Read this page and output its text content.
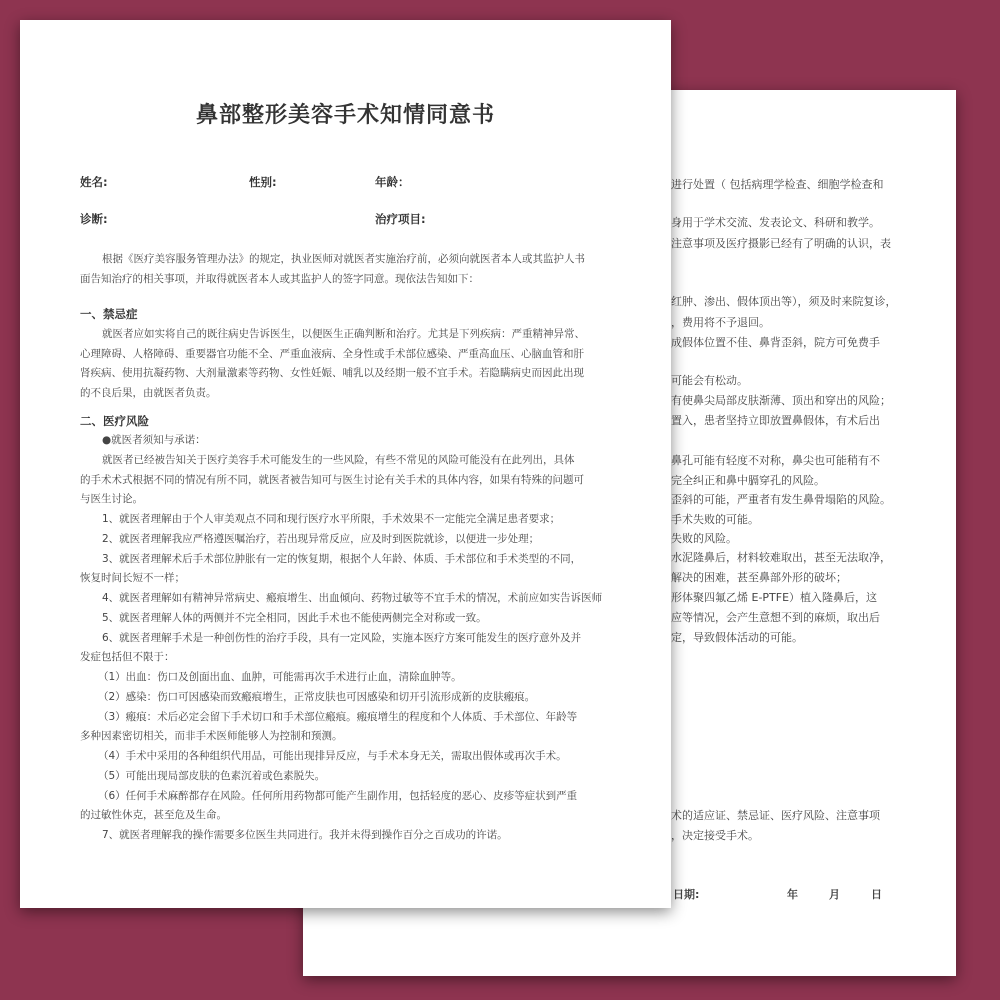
进行处置（ 包括病理学检查、细胞学检查和
身用于学术交流、发表论文、科研和教学。
注意事项及医疗摄影已经有了明确的认识，表
红肿、渗出、假体顶出等），须及时来院复诊，
，费用将不予退回。
成假体位置不佳、鼻背歪斜，院方可免费手
可能会有松动。
有使鼻尖局部皮肤渐薄、顶出和穿出的风险；
置入，患者坚持立即放置鼻假体，有术后出
鼻孔可能有轻度不对称，鼻尖也可能稍有不
完全纠正和鼻中膈穿孔的风险。
歪斜的可能，严重者有发生鼻骨塌陷的风险。
手术失败的可能。
失败的风险。
水泥隆鼻后，材料较难取出，甚至无法取净，
解决的困难，甚至鼻部外形的破坏；
形体聚四氟乙烯 E-PTFE）植入隆鼻后，这
应等情况，会产生意想不到的麻烦，取出后
定，导致假体活动的可能。
术的适应证、禁忌证、医疗风险、注意事项
，决定接受手术。
日期:	年	月	日
鼻部整形美容手术知情同意书
姓名:	性别:	年龄：
诊断:	治疗项目:
根据《医疗美容服务管理办法》的规定，执业医师对就医者实施治疗前，必须向就医者本人或其监护人书
面告知治疗的相关事项，并取得就医者本人或其监护人的签字同意。现依法告知如下：
一、禁忌症
就医者应如实将自己的既往病史告诉医生，以便医生正确判断和治疗。尤其是下列疾病：严重精神异常、
心理障碍、人格障碍、重要器官功能不全、严重血液病、全身性或手术部位感染、严重高血压、心脑血管和肝
肾疾病、使用抗凝药物、大剂量激素等药物、女性妊娠、哺乳以及经期一般不宜手术。若隐瞒病史而因此出现
的不良后果，由就医者负责。
二、医疗风险
●就医者须知与承诺：
就医者已经被告知关于医疗美容手术可能发生的一些风险，有些不常见的风险可能没有在此列出，具体
的手术术式根据不同的情况有所不同，就医者被告知可与医生讨论有关手术的具体内容，如果有特殊的问题可
与医生讨论。
1、就医者理解由于个人审美观点不同和现行医疗水平所限，手术效果不一定能完全满足患者要求；
2、就医者理解我应严格遵医嘱治疗，若出现异常反应，应及时到医院就诊，以便进一步处理；
3、就医者理解术后手术部位肿胀有一定的恢复期，根据个人年龄、体质、手术部位和手术类型的不同，
恢复时间长短不一样；
4、就医者理解如有精神异常病史、瘢痕增生、出血倾向、药物过敏等不宜手术的情况，术前应如实告诉医师
5、就医者理解人体的两侧并不完全相同，因此手术也不能使两侧完全对称或一致。
6、就医者理解手术是一种创伤性的治疗手段，具有一定风险，实施本医疗方案可能发生的医疗意外及并
发症包括但不限于：
（1）出血：伤口及创面出血、血肿，可能需再次手术进行止血，清除血肿等。
（2）感染：伤口可因感染而致瘢痕增生，正常皮肤也可因感染和切开引流形成新的皮肤瘢痕。
（3）瘢痕：术后必定会留下手术切口和手术部位瘢痕。瘢痕增生的程度和个人体质、手术部位、年龄等
多种因素密切相关，而非手术医师能够人为控制和预测。
（4）手术中采用的各种组织代用品，可能出现排异反应，与手术本身无关，需取出假体或再次手术。
（5）可能出现局部皮肤的色素沉着或色素脱失。
（6）任何手术麻醉都存在风险。任何所用药物都可能产生副作用，包括轻度的恶心、皮疹等症状到严重
的过敏性休克，甚至危及生命。
7、就医者理解我的操作需要多位医生共同进行。我并未得到操作百分之百成功的许诺。
